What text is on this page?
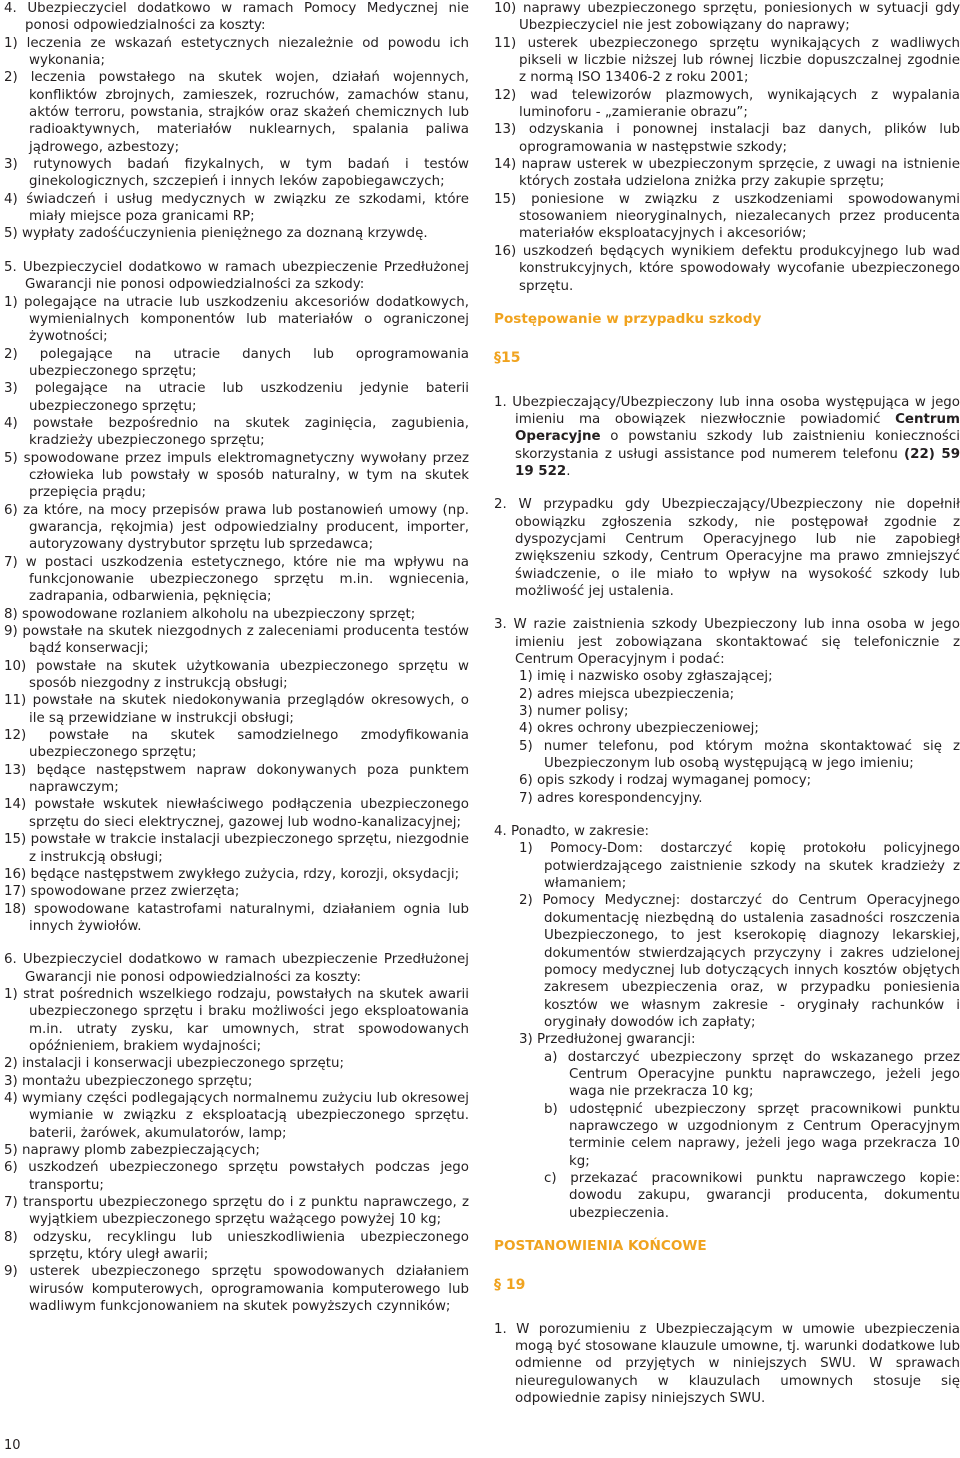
4. Ubezpieczyciel dodatkowo w ramach Pomocy Medycznej nie ponosi odpowiedzialności za koszty:
1) leczenia ze wskazań estetycznych niezależnie od powodu ich wykonania;
2) leczenia powstałego na skutek wojen, działań wojennych, konfliktów zbrojnych, zamieszek, rozruchów, zamachów stanu, aktów terroru, powstania, strajków oraz skażeń chemicznych lub radioaktywnych, materiałów nuklearnych, spalania paliwa jądrowego, azbestozy;
3) rutynowych badań fizykalnych, w tym badań i testów ginekologicznych, szczepień i innych leków zapobiegawczych;
4) świadczeń i usług medycznych w związku ze szkodami, które miały miejsce poza granicami RP;
5) wypłaty zadośćuczynienia pieniężnego za doznaną krzywdę.
5. Ubezpieczyciel dodatkowo w ramach ubezpieczenie Przedłużonej Gwarancji nie ponosi odpowiedzialności za szkody:
1) polegające na utracie lub uszkodzeniu akcesoriów dodatkowych, wymienialnych komponentów lub materiałów o ograniczonej żywotności;
2) polegające na utracie danych lub oprogramowania ubezpieczonego sprzętu;
3) polegające na utracie lub uszkodzeniu jedynie baterii ubezpieczonego sprzętu;
4) powstałe bezpośrednio na skutek zaginięcia, zagubienia, kradzieży ubezpieczonego sprzętu;
5) spowodowane przez impuls elektromagnetyczny wywołany przez człowieka lub powstały w sposób naturalny, w tym na skutek przepięcia prądu;
6) za które, na mocy przepisów prawa lub postanowień umowy (np. gwarancja, rękojmia) jest odpowiedzialny producent, importer, autoryzowany dystrybutor sprzętu lub sprzedawca;
7) w postaci uszkodzenia estetycznego, które nie ma wpływu na funkcjonowanie ubezpieczonego sprzętu m.in. wgniecenia, zadrapania, odbarwienia, pęknięcia;
8) spowodowane rozlaniem alkoholu na ubezpieczony sprzęt;
9) powstałe na skutek niezgodnych z zaleceniami producenta testów bądź konserwacji;
10) powstałe na skutek użytkowania ubezpieczonego sprzętu w sposób niezgodny z instrukcją obsługi;
11) powstałe na skutek niedokonywania przeglądów okresowych, o ile są przewidziane w instrukcji obsługi;
12) powstałe na skutek samodzielnego zmodyfikowania ubezpieczonego sprzętu;
13) będące następstwem napraw dokonywanych poza punktem naprawczym;
14) powstałe wskutek niewłaściwego podłączenia ubezpieczonego sprzętu do sieci elektrycznej, gazowej lub wodno-kanalizacyjnej;
15) powstałe w trakcie instalacji ubezpieczonego sprzętu, niezgodnie z instrukcją obsługi;
16) będące następstwem zwykłego zużycia, rdzy, korozji, oksydacji;
17) spowodowane przez zwierzęta;
18) spowodowane katastrofami naturalnymi, działaniem ognia lub innych żywiołów.
6. Ubezpieczyciel dodatkowo w ramach ubezpieczenie Przedłużonej Gwarancji nie ponosi odpowiedzialności za koszty:
1) strat pośrednich wszelkiego rodzaju, powstałych na skutek awarii ubezpieczonego sprzętu i braku możliwości jego eksploatowania m.in. utraty zysku, kar umownych, strat spowodowanych opóźnieniem, brakiem wydajności;
2) instalacji i konserwacji ubezpieczonego sprzętu;
3) montażu ubezpieczonego sprzętu;
4) wymiany części podlegających normalnemu zużyciu lub okresowej wymianie w związku z eksploatacją ubezpieczonego sprzętu. baterii, żarówek, akumulatorów, lamp;
5) naprawy plomb zabezpieczających;
6) uszkodzeń ubezpieczonego sprzętu powstałych podczas jego transportu;
7) transportu ubezpieczonego sprzętu do i z punktu naprawczego, z wyjątkiem ubezpieczonego sprzętu ważącego powyżej 10 kg;
8) odzysku, recyklingu lub unieszkodliwienia ubezpieczonego sprzętu, który uległ awarii;
9) usterek ubezpieczonego sprzętu spowodowanych działaniem wirusów komputerowych, oprogramowania komputerowego lub wadliwym funkcjonowaniem na skutek powyższych czynników;
10) naprawy ubezpieczonego sprzętu, poniesionych w sytuacji gdy Ubezpieczyciel nie jest zobowiązany do naprawy;
11) usterek ubezpieczonego sprzętu wynikających z wadliwych pikseli w liczbie niższej lub równej liczbie dopuszczalnej zgodnie z normą ISO 13406-2 z roku 2001;
12) wad telewizorów plazmowych, wynikających z wypalania luminoforu - „zamieranie obrazu”;
13) odzyskania i ponownej instalacji baz danych, plików lub oprogramowania w następstwie szkody;
14) napraw usterek w ubezpieczonym sprzęcie, z uwagi na istnienie których została udzielona zniżka przy zakupie sprzętu;
15) poniesione w związku z uszkodzeniami spowodowanymi stosowaniem nieoryginalnych, niezalecanych przez producenta materiałów eksploatacyjnych i akcesoriów;
16) uszkodzeń będących wynikiem defektu produkcyjnego lub wad konstrukcyjnych, które spowodowały wycofanie ubezpieczonego sprzętu.
Postępowanie w przypadku szkody
§15
1. Ubezpieczający/Ubezpieczony lub inna osoba występująca w jego imieniu ma obowiązek niezwłocznie powiadomić Centrum Operacyjne o powstaniu szkody lub zaistnieniu konieczności skorzystania z usługi assistance pod numerem telefonu (22) 59 19 522.
2. W przypadku gdy Ubezpieczający/Ubezpieczony nie dopełnił obowiązku zgłoszenia szkody, nie postępował zgodnie z dyspozycjami Centrum Operacyjnego lub nie zapobiegł zwiększeniu szkody, Centrum Operacyjne ma prawo zmniejszyć świadczenie, o ile miało to wpływ na wysokość szkody lub możliwość jej ustalenia.
3. W razie zaistnienia szkody Ubezpieczony lub inna osoba w jego imieniu jest zobowiązana skontaktować się telefonicznie z Centrum Operacyjnym i podać:
1) imię i nazwisko osoby zgłaszającej;
2) adres miejsca ubezpieczenia;
3) numer polisy;
4) okres ochrony ubezpieczeniowej;
5) numer telefonu, pod którym można skontaktować się z Ubezpieczonym lub osobą występującą w jego imieniu;
6) opis szkody i rodzaj wymaganej pomocy;
7) adres korespondencyjny.
4. Ponadto, w zakresie:
1) Pomocy-Dom: dostarczyć kopię protokołu policyjnego potwierdzającego zaistnienie szkody na skutek kradzieży z włamaniem;
2) Pomocy Medycznej: dostarczyć do Centrum Operacyjnego dokumentację niezbędną do ustalenia zasadności roszczenia Ubezpieczonego, to jest kserokopię diagnozy lekarskiej, dokumentów stwierdzających przyczyny i zakres udzielonej pomocy medycznej lub dotyczących innych kosztów objętych zakresem ubezpieczenia oraz, w przypadku poniesienia kosztów we własnym zakresie - oryginały rachunków i oryginały dowodów ich zapłaty;
3) Przedłużonej gwarancji:
a) dostarczyć ubezpieczony sprzęt do wskazanego przez Centrum Operacyjne punktu naprawczego, jeżeli jego waga nie przekracza 10 kg;
b) udostępnić ubezpieczony sprzęt pracownikowi punktu naprawczego w uzgodnionym z Centrum Operacyjnym terminie celem naprawy, jeżeli jego waga przekracza 10 kg;
c) przekazać pracownikowi punktu naprawczego kopie: dowodu zakupu, gwarancji producenta, dokumentu ubezpieczenia.
POSTANOWIENIA KOŃCOWE
§ 19
1. W porozumieniu z Ubezpieczającym w umowie ubezpieczenia mogą być stosowane klauzule umowne, tj. warunki dodatkowe lub odmienne od przyjętych w niniejszych SWU. W sprawach nieuregulowanych w klauzulach umownych stosuje się odpowiednie zapisy niniejszych SWU.
10
